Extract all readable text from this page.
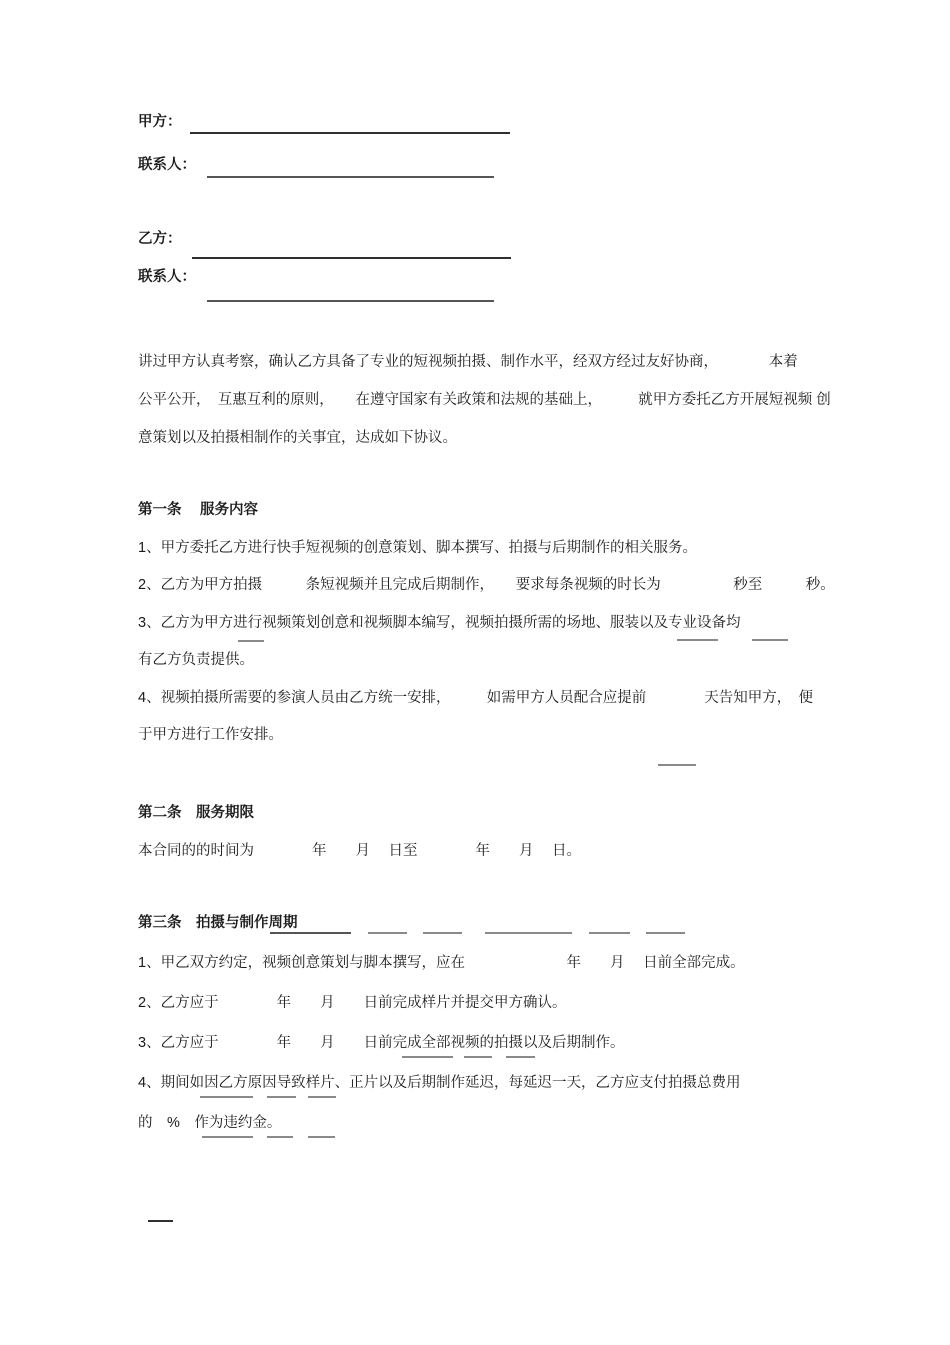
甲方：
联系人：
乙方：
联系人：
讲过甲方认真考察，确认乙方具备了专业的短视频拍摄、制作水平，经双方经过友好协商，　　　　本着
公平公开，　互惠互利的原则，　　在遵守国家有关政策和法规的基础上，　　　就甲方委托乙方开展短视频 创
意策划以及拍摄相制作的关事宜，达成如下协议。
第一条　 服务内容
1、甲方委托乙方进行快手短视频的创意策划、脚本撰写、拍摄与后期制作的相关服务。
2、乙方为甲方拍摄　　　条短视频并且完成后期制作，　　要求每条视频的时长为　　　　　秒至　　　秒。
3、乙方为甲方进行视频策划创意和视频脚本编写，视频拍摄所需的场地、服装以及专业设备均
有乙方负责提供。
4、视频拍摄所需要的参演人员由乙方统一安排，　　　如需甲方人员配合应提前　　　　天告知甲方，　便
于甲方进行工作安排。
第二条　服务期限
本合同的的时间为　　　　年　　月　 日至　　　　年　　月　 日。
第三条　拍摄与制作周期
1、甲乙双方约定，视频创意策划与脚本撰写，应在　　　　　　　年　　月　 日前全部完成。
2、乙方应于　　　　年　　月　　日前完成样片并提交甲方确认。
3、乙方应于　　　　年　　月　　日前完成全部视频的拍摄以及后期制作。
4、期间如因乙方原因导致样片、正片以及后期制作延迟，每延迟一天，乙方应支付拍摄总费用
的　%　作为违约金。
